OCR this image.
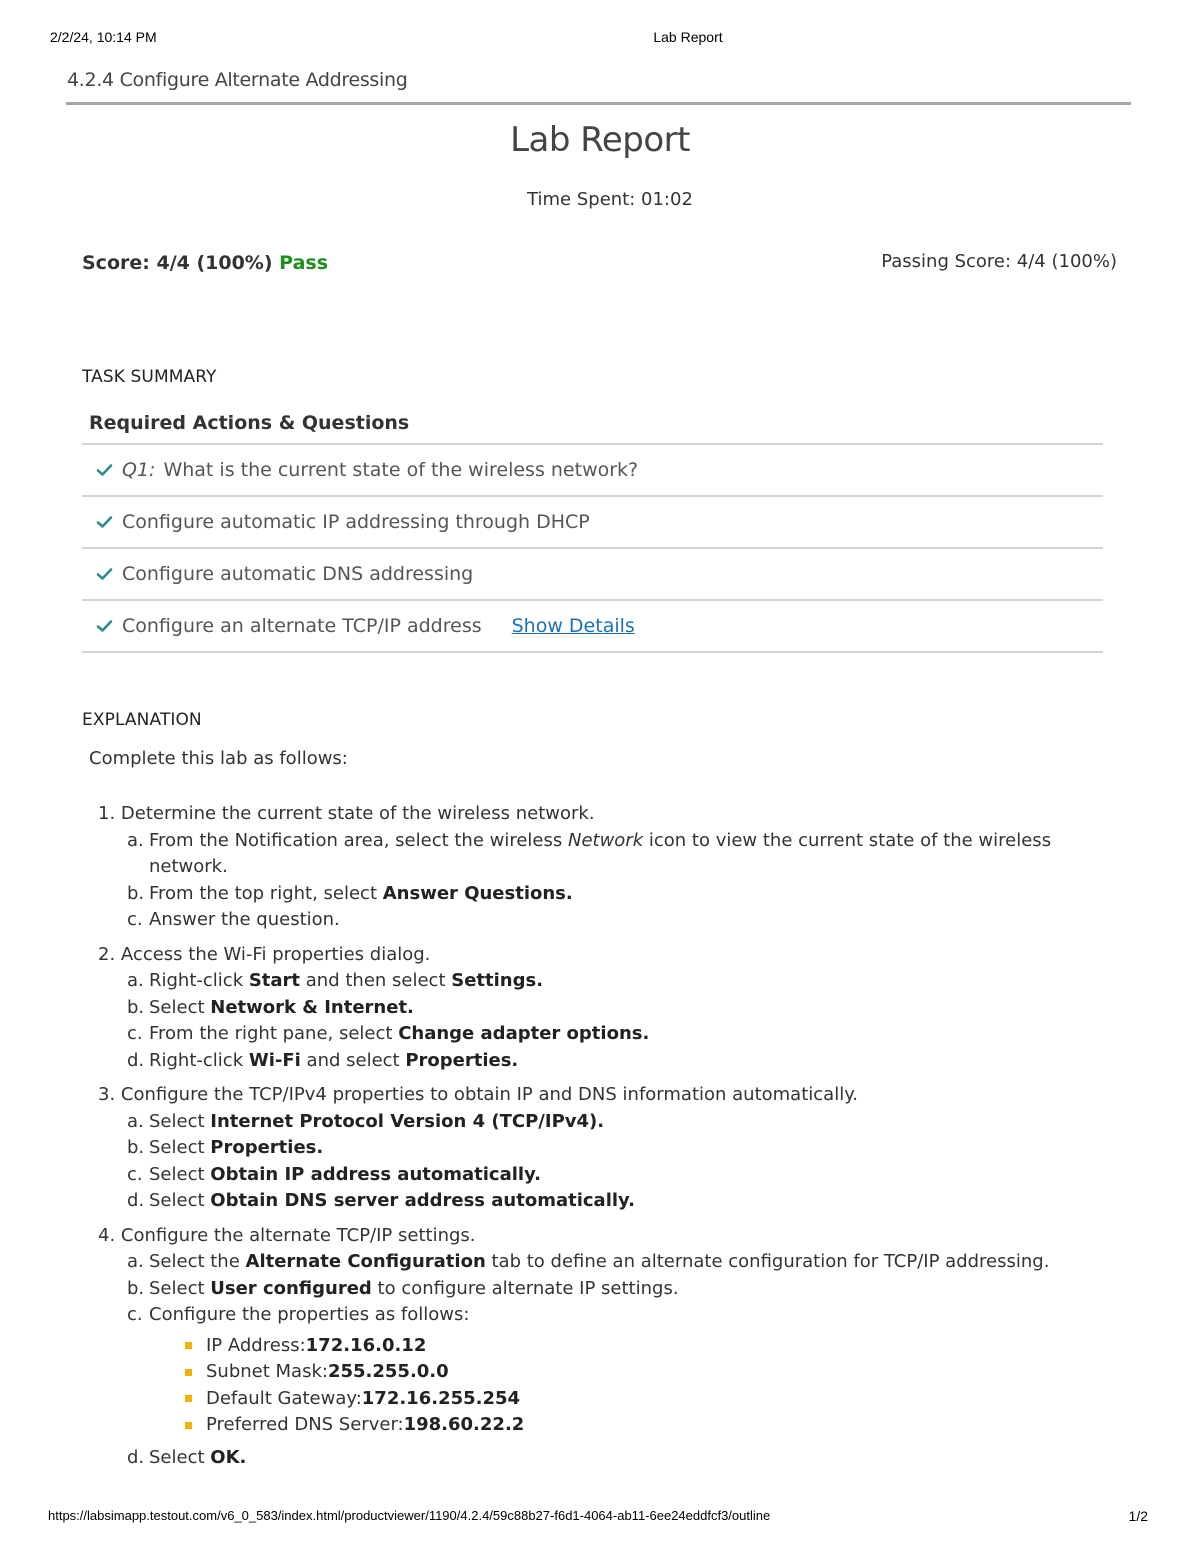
2/2/24, 10:14 PM	Lab Report
4.2.4 Configure Alternate Addressing
Lab Report
Time Spent: 01:02
Score: 4/4 (100%) Pass	Passing Score: 4/4 (100%)
TASK SUMMARY
Required Actions & Questions
Q1: What is the current state of the wireless network?
Configure automatic IP addressing through DHCP
Configure automatic DNS addressing
Configure an alternate TCP/IP address Show Details
EXPLANATION
Complete this lab as follows:
1. Determine the current state of the wireless network.
a. From the Notification area, select the wireless Network icon to view the current state of the wireless network.
b. From the top right, select Answer Questions.
c. Answer the question.
2. Access the Wi-Fi properties dialog.
a. Right-click Start and then select Settings.
b. Select Network & Internet.
c. From the right pane, select Change adapter options.
d. Right-click Wi-Fi and select Properties.
3. Configure the TCP/IPv4 properties to obtain IP and DNS information automatically.
a. Select Internet Protocol Version 4 (TCP/IPv4).
b. Select Properties.
c. Select Obtain IP address automatically.
d. Select Obtain DNS server address automatically.
4. Configure the alternate TCP/IP settings.
a. Select the Alternate Configuration tab to define an alternate configuration for TCP/IP addressing.
b. Select User configured to configure alternate IP settings.
c. Configure the properties as follows:
IP Address: 172.16.0.12
Subnet Mask: 255.255.0.0
Default Gateway: 172.16.255.254
Preferred DNS Server: 198.60.22.2
d. Select OK.
https://labsimapp.testout.com/v6_0_583/index.html/productviewer/1190/4.2.4/59c88b27-f6d1-4064-ab11-6ee24eddfcf3/outline	1/2
